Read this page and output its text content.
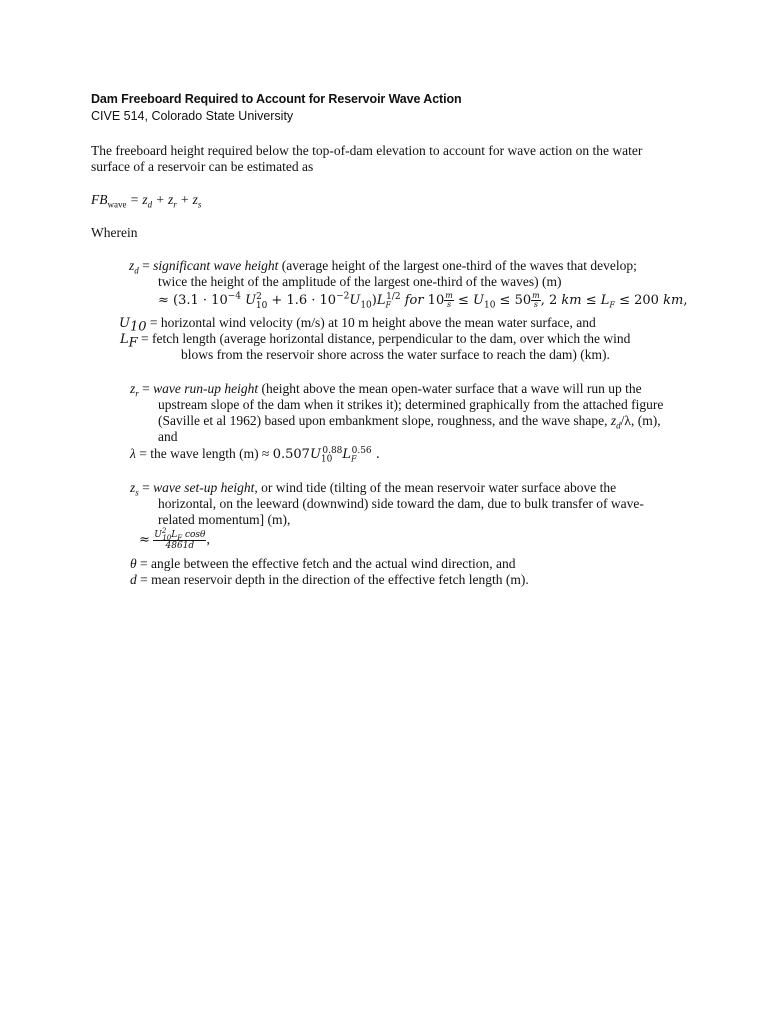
Dam Freeboard Required to Account for Reservoir Wave Action
CIVE 514, Colorado State University
The freeboard height required below the top-of-dam elevation to account for wave action on the water
surface of a reservoir can be estimated as
$FB_{wave} = z_d + z_r + z_s$
Wherein
$z_d$ = significant wave height (average height of the largest one-third of the waves that develop;
twice the height of the amplitude of the largest one-third of the waves) (m)
≈ ($3.1 \cdot 10^{-4}$ $U^2_{10} + 1.6 \cdot 10^{-2}U_{10})L_F^{1/2}$ for $10 \frac{m}{s} \le U_{10} \le 50 \frac{m}{s}$ , 2 km ≤ $L_F \le 200$ km,
$U_{10}$ = horizontal wind velocity (m/s) at 10 m height above the mean water surface, and
$L_F$ = fetch length (average horizontal distance, perpendicular to the dam, over which the wind
blows from the reservoir shore across the water surface to reach the dam) (km).
$z_r$ = wave run-up height (height above the mean open-water surface that a wave will run up the
upstream slope of the dam when it strikes it); determined graphically from the attached figure
(Saville et al 1962) based upon embankment slope, roughness, and the wave shape, $z_d/\lambda$, (m),
and
λ = the wave length $(m) \approx 0.507U_{10}^{0.88}L_F^{0.56}$ .
$z_s$ = wave set-up height, or wind tide (tilting of the mean reservoir water surface above the
horizontal, on the leeward (downwind) side toward the dam, due to bulk transfer of wave-
related momentum] (m),
≈ $\frac{U^2_{10}L_F \cos\theta}{4861d}$ ,
θ = angle between the effective fetch and the actual wind direction, and
d = mean reservoir depth in the direction of the effective fetch length (m).
